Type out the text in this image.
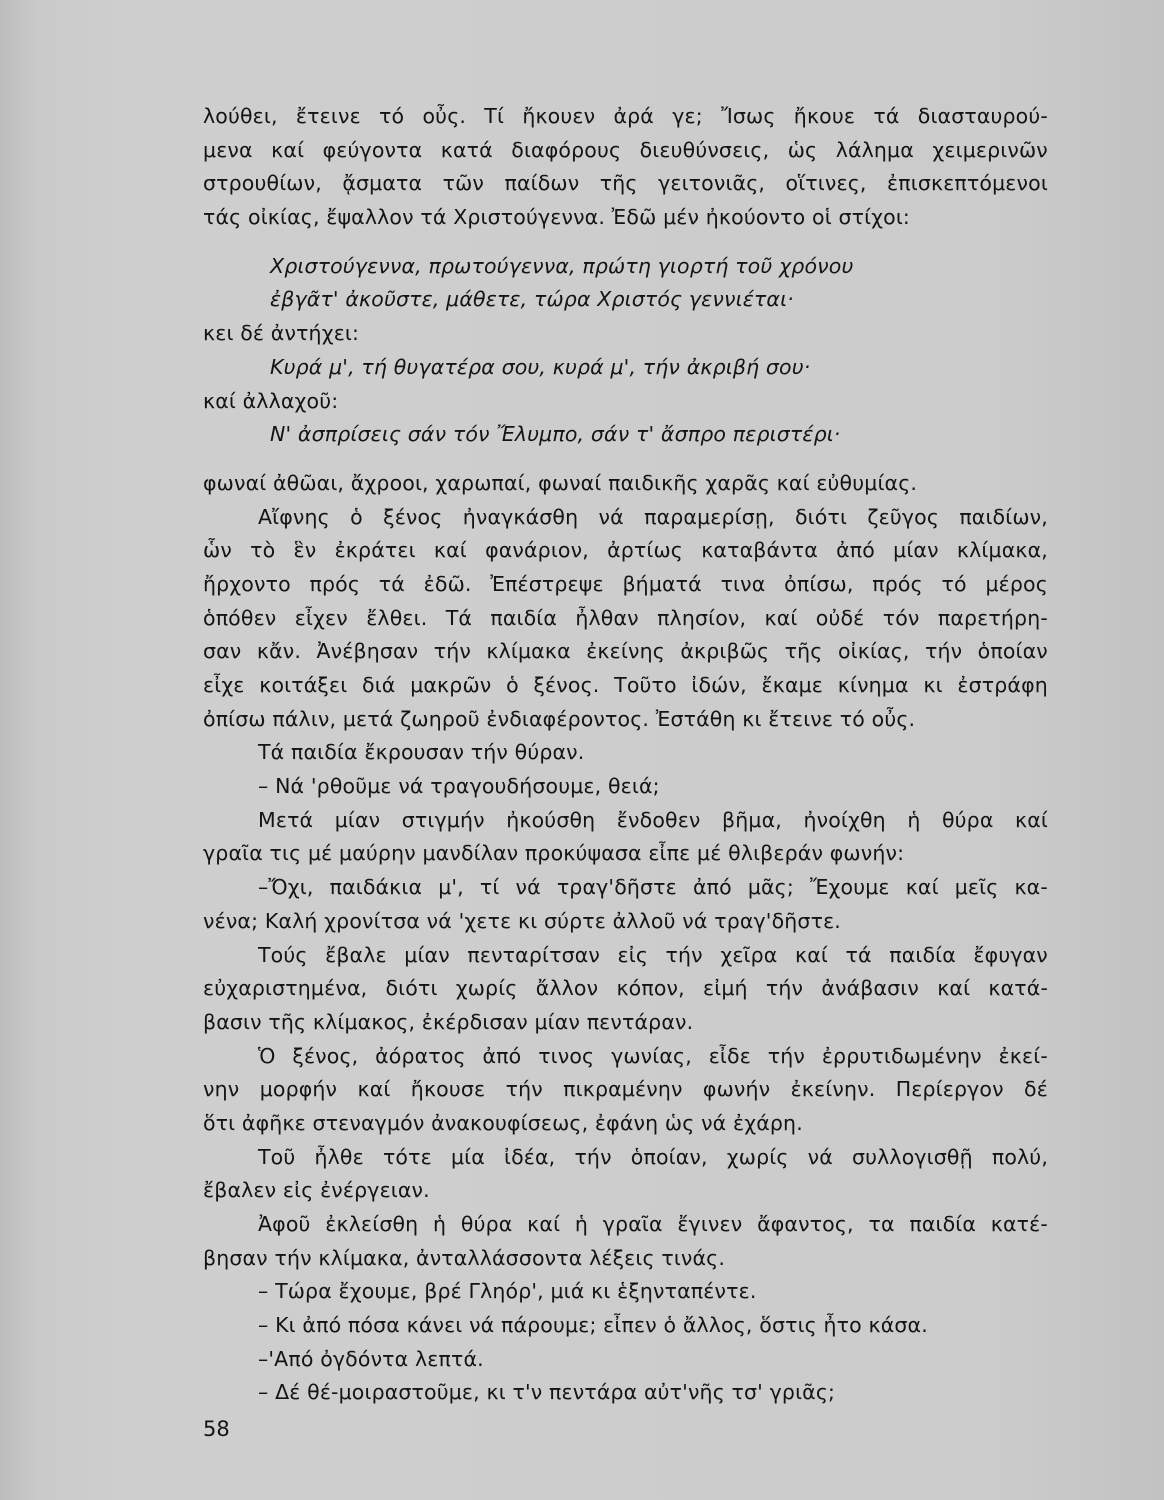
λούθει, ἔτεινε τό οὖς. Τί ἤκουεν ἀρά γε; Ἴσως ἤκουε τά διασταυρού-
μενα καί φεύγοντα κατά διαφόρους διευθύνσεις, ὡς λάλημα χειμερινῶν
στρουθίων, ᾄσματα τῶν παίδων τῆς γειτονιᾶς, οἵτινες, ἐπισκεπτόμενοι
τάς οἰκίας, ἔψαλλον τά Χριστούγεννα. Ἐδῶ μέν ἠκούοντο οἱ στίχοι:
Χριστούγεννα, πρωτούγεννα, πρώτη γιορτή τοῦ χρόνου
ἐβγᾶτ' ἀκοῦστε, μάθετε, τώρα Χριστός γεννιέται·
κει δέ ἀντήχει:
Κυρά μ', τή θυγατέρα σου, κυρά μ', τήν ἀκριβή σου·
καί ἀλλαχοῦ:
Ν' ἀσπρίσεις σάν τόν Ἔλυμπο, σάν τ' ἄσπρο περιστέρι·
φωναί ἀθῶαι, ἄχροοι, χαρωπαί, φωναί παιδικῆς χαρᾶς καί εὐθυμίας.
Αἴφνης ὁ ξένος ἠναγκάσθη νά παραμερίσῃ, διότι ζεῦγος παιδίων,
ὧν τὸ ἓν ἐκράτει καί φανάριον, ἀρτίως καταβάντα ἀπό μίαν κλίμακα,
ἤρχοντο πρός τά ἐδῶ. Ἐπέστρεψε βήματά τινα ὀπίσω, πρός τό μέρος
ὁπόθεν εἶχεν ἔλθει. Τά παιδία ἦλθαν πλησίον, καί οὐδέ τόν παρετήρη-
σαν κἄν. Ἀνέβησαν τήν κλίμακα ἐκείνης ἀκριβῶς τῆς οἰκίας, τήν ὁποίαν
εἶχε κοιτάξει διά μακρῶν ὁ ξένος. Τοῦτο ἰδών, ἔκαμε κίνημα κι ἐστράφη
ὀπίσω πάλιν, μετά ζωηροῦ ἐνδιαφέροντος. Ἐστάθη κι ἔτεινε τό οὖς.
Τά παιδία ἔκρουσαν τήν θύραν.
– Νά 'ρθοῦμε νά τραγουδήσουμε, θειά;
Μετά μίαν στιγμήν ἠκούσθη ἔνδοθεν βῆμα, ἠνοίχθη ἡ θύρα καί
γραῖα τις μέ μαύρην μανδίλαν προκύψασα εἶπε μέ θλιβεράν φωνήν:
–Ὄχι, παιδάκια μ', τί νά τραγ'δῆστε ἀπό μᾶς; Ἔχουμε καί μεῖς κα-
νένα; Καλή χρονίτσα νά 'χετε κι σύρτε ἀλλοῦ νά τραγ'δῆστε.
Τούς ἔβαλε μίαν πενταρίτσαν εἰς τήν χεῖρα καί τά παιδία ἔφυγαν
εὐχαριστημένα, διότι χωρίς ἄλλον κόπον, εἰμή τήν ἀνάβασιν καί κατά-
βασιν τῆς κλίμακος, ἐκέρδισαν μίαν πεντάραν.
Ὁ ξένος, ἀόρατος ἀπό τινος γωνίας, εἶδε τήν ἐρρυτιδωμένην ἐκεί-
νην μορφήν καί ἤκουσε τήν πικραμένην φωνήν ἐκείνην. Περίεργον δέ
ὅτι ἀφῆκε στεναγμόν ἀνακουφίσεως, ἐφάνη ὡς νά ἐχάρη.
Τοῦ ἦλθε τότε μία ἰδέα, τήν ὁποίαν, χωρίς νά συλλογισθῇ πολύ,
ἔβαλεν εἰς ἐνέργειαν.
Ἀφοῦ ἐκλείσθη ἡ θύρα καί ἡ γραῖα ἔγινεν ἄφαντος, τα παιδία κατέ-
βησαν τήν κλίμακα, ἀνταλλάσσοντα λέξεις τινάς.
– Τώρα ἔχουμε, βρέ Γληόρ', μιά κι ἑξηνταπέντε.
– Κι ἀπό πόσα κάνει νά πάρουμε; εἶπεν ὁ ἄλλος, ὅστις ἦτο κάσα.
–'Από ὀγδόντα λεπτά.
– Δέ θέ-μοιραστοῦμε, κι τ'ν πεντάρα αὐτ'νῆς τσ' γριᾶς;
58
